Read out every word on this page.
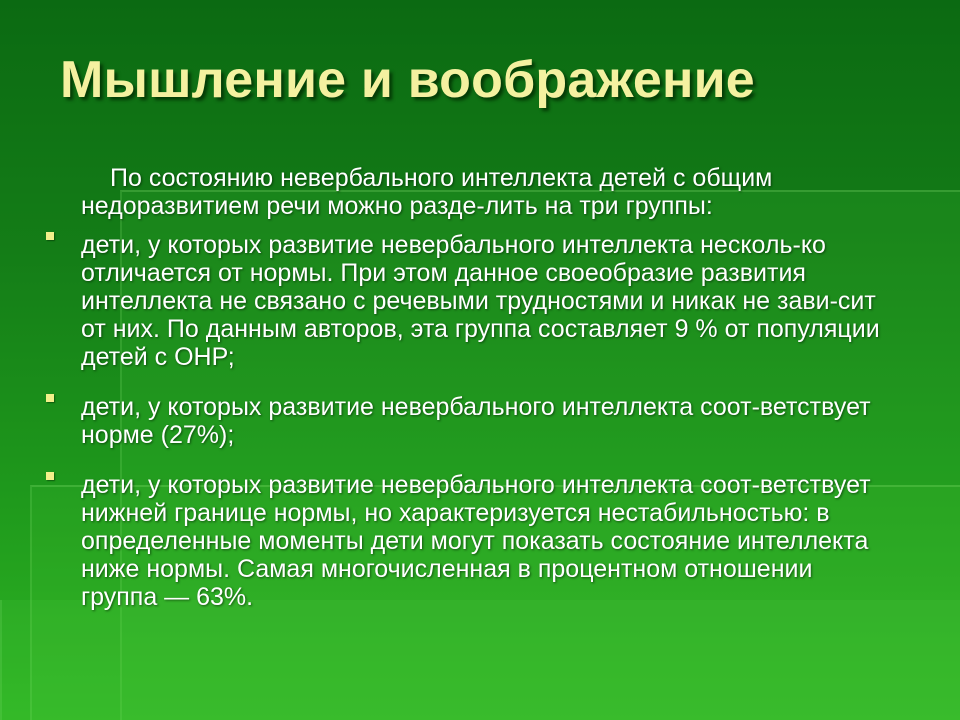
Мышление и воображение

По состоянию невербального интеллекта детей с общим недоразвитием речи можно разде-лить на три группы:

дети, у которых развитие невербального интеллекта несколь-ко отличается от нормы. При этом данное своеобразие развития интеллекта не связано с речевыми трудностями и никак не зави-сит от них. По данным авторов, эта группа составляет 9 % от популяции детей с ОНР;
дети, у которых развитие невербального интеллекта соот-ветствует норме (27%);
дети, у которых развитие невербального интеллекта соот-ветствует нижней границе нормы, но характеризуется нестабильностью: в определенные моменты дети могут показать состояние интеллекта ниже нормы. Самая многочисленная в процентном отношении группа — 63%.
